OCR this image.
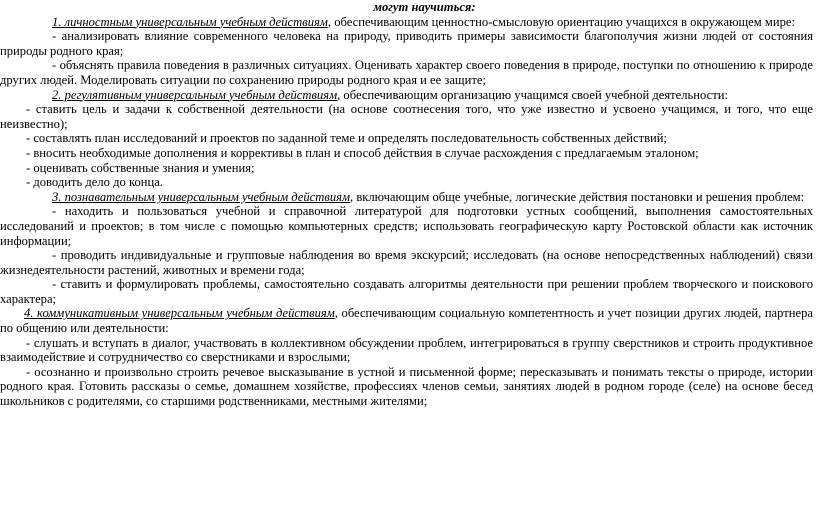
могут научиться:

1. личностным универсальным учебным действиям, обеспечивающим ценностно-смысловую ориентацию учащихся в окружающем мире:

- анализировать влияние современного человека на природу, приводить примеры зависимости благополучия жизни людей от состояния природы родного края;

- объяснять правила поведения в различных ситуациях. Оценивать характер своего поведения в природе, поступки по отношению к природе других людей. Моделировать ситуации по сохранению природы родного края и ее защите;

2. регулятивным универсальным учебным действиям, обеспечивающим организацию учащимся своей учебной деятельности:

- ставить цель и задачи к собственной деятельности (на основе соотнесения того, что уже известно и усвоено учащимся, и того, что еще неизвестно);

- составлять план исследований и проектов по заданной теме и определять последовательность собственных действий;

- вносить необходимые дополнения и коррективы в план и способ действия в случае расхождения с предлагаемым эталоном;

- оценивать собственные знания и умения;

- доводить дело до конца.

3. познавательным универсальным учебным действиям, включающим обще учебные, логические действия постановки и решения проблем:

- находить и пользоваться учебной и справочной литературой для подготовки устных сообщений, выполнения самостоятельных исследований и проектов; в том числе с помощью компьютерных средств; использовать географическую карту Ростовской области как источник информации;

- проводить индивидуальные и групповые наблюдения во время экскурсий; исследовать (на основе непосредственных наблюдений) связи жизнедеятельности растений, животных и времени года;

- ставить и формулировать проблемы, самостоятельно создавать алгоритмы деятельности при решении проблем творческого и поискового характера;

4. коммуникативным универсальным учебным действиям, обеспечивающим социальную компетентность и учет позиции других людей, партнера по общению или деятельности:

- слушать и вступать в диалог, участвовать в коллективном обсуждении проблем, интегрироваться в группу сверстников и строить продуктивное взаимодействие и сотрудничество со сверстниками и взрослыми;

- осознанно и произвольно строить речевое высказывание в устной и письменной форме; пересказывать и понимать тексты о природе, истории родного края. Готовить рассказы о семье, домашнем хозяйстве, профессиях членов семьи, занятиях людей в родном городе (селе) на основе бесед школьников с родителями, со старшими родственниками, местными жителями;
